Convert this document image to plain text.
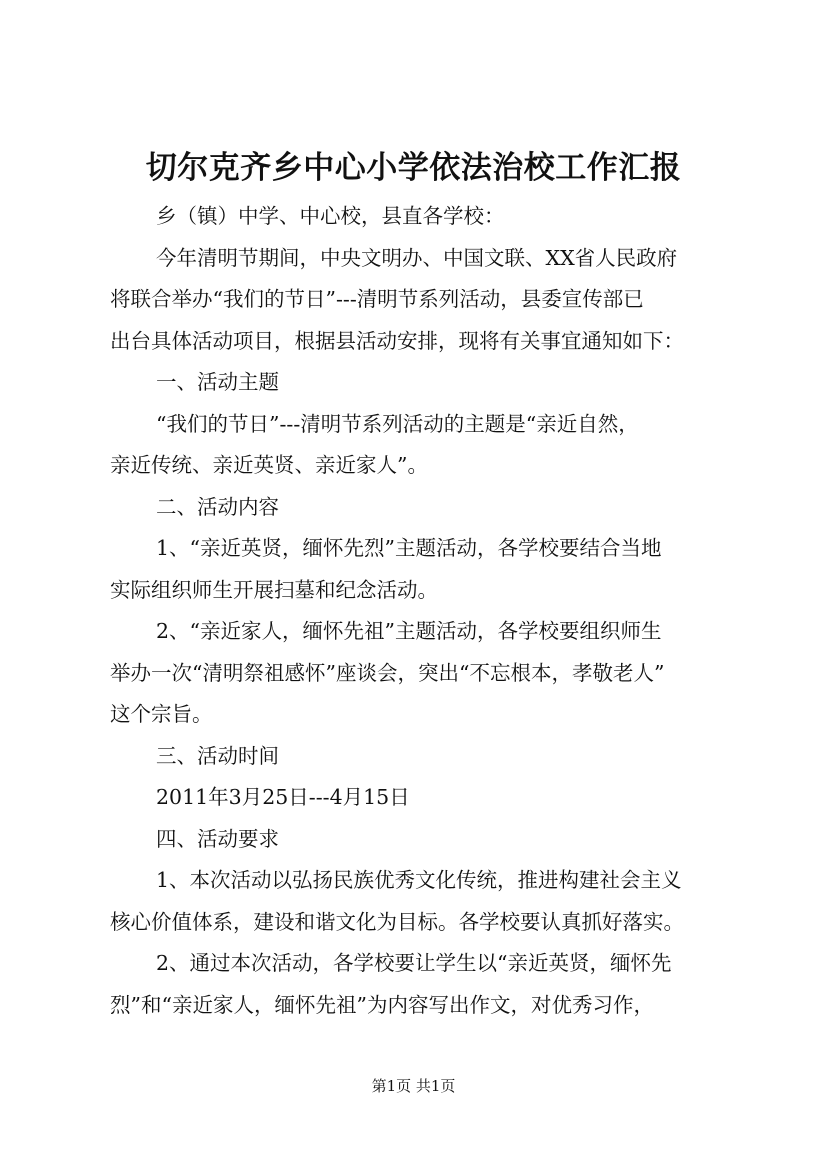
切尔克齐乡中心小学依法治校工作汇报
乡（镇）中学、中心校，县直各学校：
今年清明节期间，中央文明办、中国文联、XX省人民政府
将联合举办“我们的节日”---清明节系列活动，县委宣传部已
出台具体活动项目，根据县活动安排，现将有关事宜通知如下：
一、活动主题
“我们的节日”---清明节系列活动的主题是“亲近自然，
亲近传统、亲近英贤、亲近家人”。
二、活动内容
1、“亲近英贤，缅怀先烈”主题活动，各学校要结合当地
实际组织师生开展扫墓和纪念活动。
2、“亲近家人，缅怀先祖”主题活动，各学校要组织师生
举办一次“清明祭祖感怀”座谈会，突出“不忘根本，孝敬老人”
这个宗旨。
三、活动时间
2011年3月25日---4月15日
四、活动要求
1、本次活动以弘扬民族优秀文化传统，推进构建社会主义
核心价值体系，建设和谐文化为目标。各学校要认真抓好落实。
2、通过本次活动，各学校要让学生以“亲近英贤，缅怀先
烈”和“亲近家人，缅怀先祖”为内容写出作文，对优秀习作，
第1页 共1页
